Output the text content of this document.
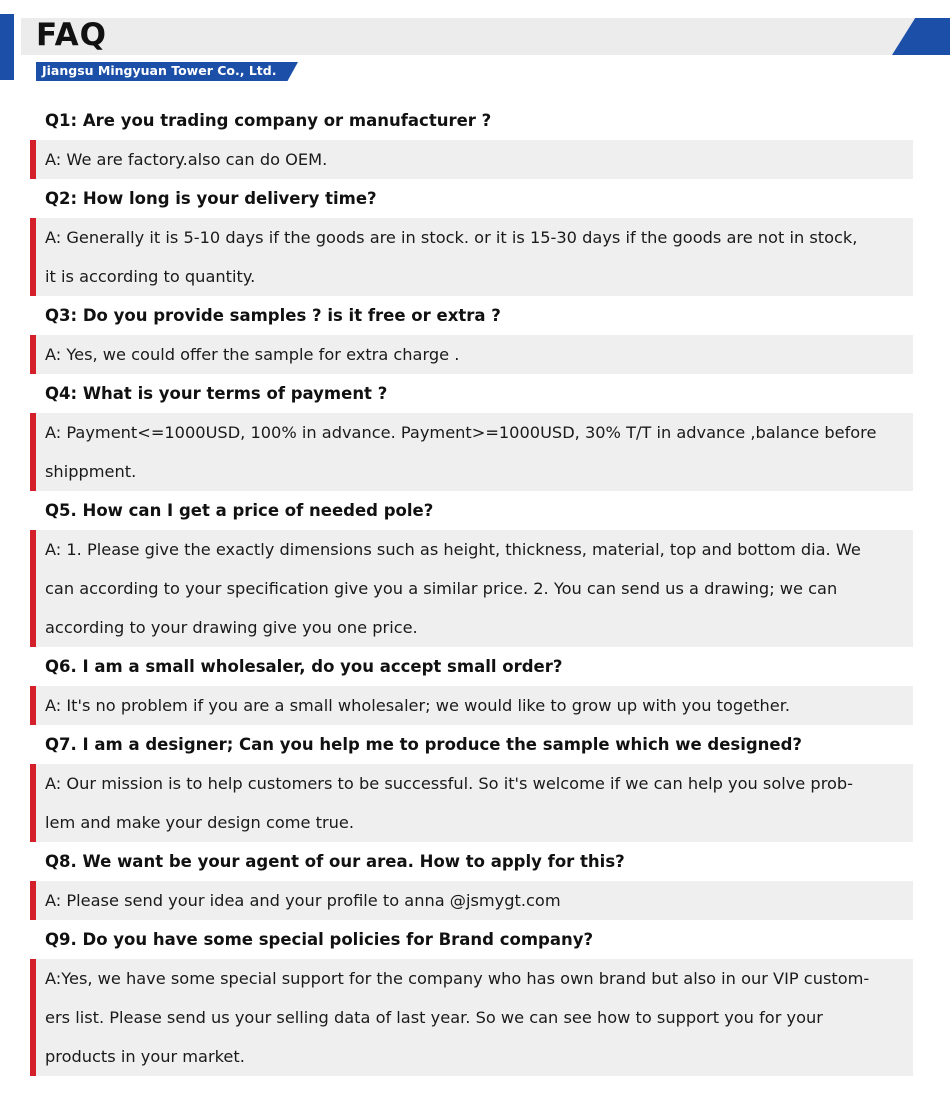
FAQ
Jiangsu Mingyuan Tower Co., Ltd.
Q1: Are you trading company or manufacturer ?
A: We are factory.also can do OEM.
Q2: How long is your delivery time?
A: Generally it is 5-10 days if the goods are in stock. or it is 15-30 days if the goods are not in stock,
it is according to quantity.
Q3: Do you provide samples ? is it free or extra ?
A: Yes, we could offer the sample for extra charge .
Q4: What is your terms of payment ?
A: Payment<=1000USD, 100% in advance. Payment>=1000USD, 30% T/T in advance ,balance before
shippment.
Q5. How can I get a price of needed pole?
A: 1. Please give the exactly dimensions such as height, thickness, material, top and bottom dia. We
can according to your specification give you a similar price. 2. You can send us a drawing; we can
according to your drawing give you one price.
Q6. I am a small wholesaler, do you accept small order?
A: It's no problem if you are a small wholesaler; we would like to grow up with you together.
Q7. I am a designer; Can you help me to produce the sample which we designed?
A: Our mission is to help customers to be successful. So it's welcome if we can help you solve prob-
lem and make your design come true.
Q8. We want be your agent of our area. How to apply for this?
A: Please send your idea and your profile to anna @jsmygt.com
Q9. Do you have some special policies for Brand company?
A:Yes, we have some special support for the company who has own brand but also in our VIP custom-
ers list. Please send us your selling data of last year. So we can see how to support you for your
products in your market.
